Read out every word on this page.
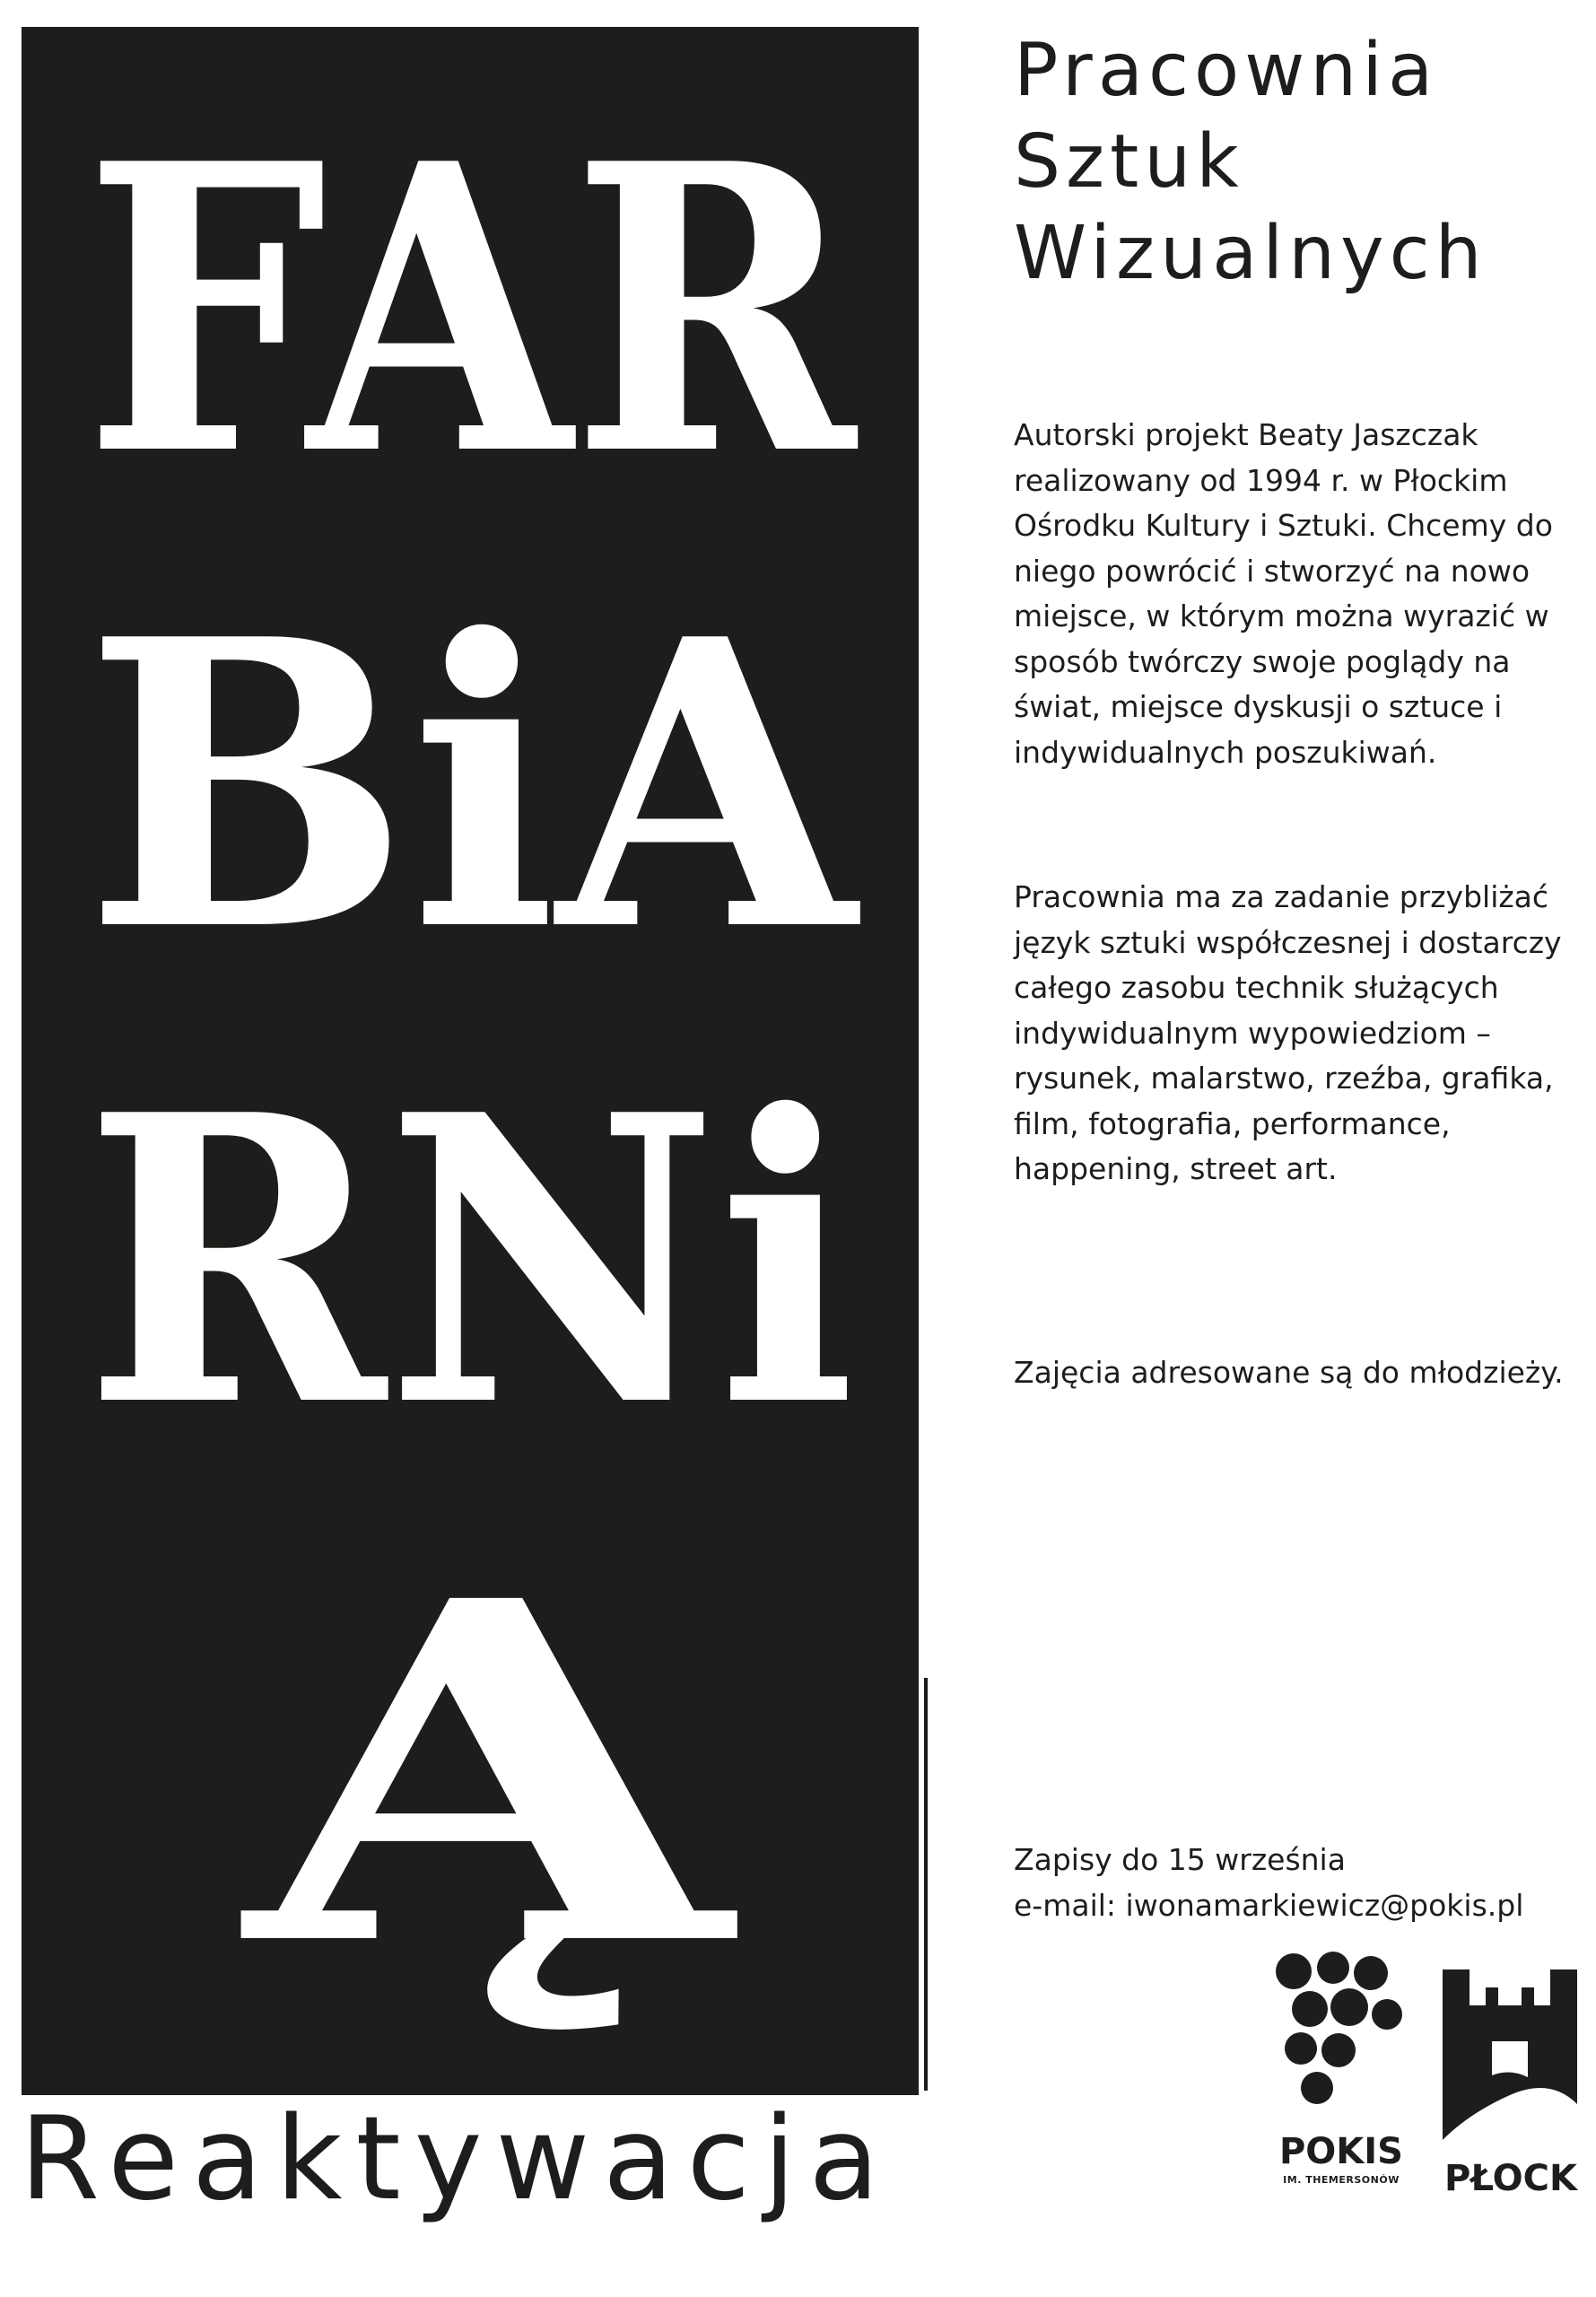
FAR
BiA
RNi
Ą
Reaktywacja
Pracownia
Sztuk
Wizualnych

Autorski projekt Beaty Jaszczak realizowany od 1994 r. w Płockim Ośrodku Kultury i Sztuki. Chcemy do niego powrócić i stworzyć na nowo miejsce, w którym można wyrazić w sposób twórczy swoje poglądy na świat, miejsce dyskusji o sztuce i indywidualnych poszukiwań.

Pracownia ma za zadanie przybliżać język sztuki współczesnej i dostarczy całego zasobu technik służących indywidualnym wypowiedziom – rysunek, malarstwo, rzeźba, grafika, film, fotografia, performance, happening, street art.

Zajęcia adresowane są do młodzieży.

Zapisy do 15 września
e-mail: iwonamarkiewicz@pokis.pl
POKIS
IM. THEMERSONÓW	PŁOCK
